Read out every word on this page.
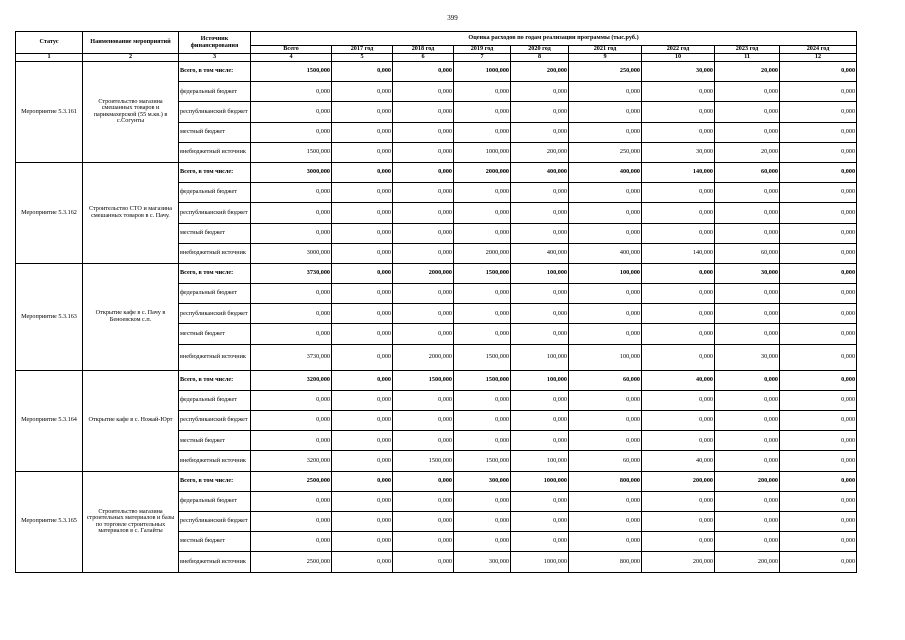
399
Статус	Наименование мероприятий	Источник финансирования	Оценка расходов по годам реализации программы (тыс.руб.)								
			Всего	2017 год	2018 год	2019 год	2020 год	2021 год	2022 год	2023 год	2024 год
1	2	3	4	5	6	7	8	9	10	11	12
Мероприятие 5.3.161	Строительство магазина смешанных товаров и парикмахерской (55 м.кв.) в с.Согунты	Всего, в том числе:	1500,000	0,000	0,000	1000,000	200,000	250,000	30,000	20,000	0,000
		федеральный бюджет	0,000	0,000	0,000	0,000	0,000	0,000	0,000	0,000	0,000
		республиканский бюджет	0,000	0,000	0,000	0,000	0,000	0,000	0,000	0,000	0,000
		местный бюджет	0,000	0,000	0,000	0,000	0,000	0,000	0,000	0,000	0,000
		внебюджетный источник	1500,000	0,000	0,000	1000,000	200,000	250,000	30,000	20,000	0,000
Мероприятие 5.3.162	Строительство СТО и магазина смешанных товаров в с. Пачу.	Всего, в том числе:	3000,000	0,000	0,000	2000,000	400,000	400,000	140,000	60,000	0,000
		федеральный бюджет	0,000	0,000	0,000	0,000	0,000	0,000	0,000	0,000	0,000
		республиканский бюджет	0,000	0,000	0,000	0,000	0,000	0,000	0,000	0,000	0,000
		местный бюджет	0,000	0,000	0,000	0,000	0,000	0,000	0,000	0,000	0,000
		внебюджетный источник	3000,000	0,000	0,000	2000,000	400,000	400,000	140,000	60,000	0,000
Мероприятие 5.3.163	Открытие кафе в с. Пачу в Беноевском с.п.	Всего, в том числе:	3730,000	0,000	2000,000	1500,000	100,000	100,000	0,000	30,000	0,000
		федеральный бюджет	0,000	0,000	0,000	0,000	0,000	0,000	0,000	0,000	0,000
		республиканский бюджет	0,000	0,000	0,000	0,000	0,000	0,000	0,000	0,000	0,000
		местный бюджет	0,000	0,000	0,000	0,000	0,000	0,000	0,000	0,000	0,000
		внебюджетный источник	3730,000	0,000	2000,000	1500,000	100,000	100,000	0,000	30,000	0,000
Мероприятие 5.3.164	Открытие кафе в с. Ножай-Юрт	Всего, в том числе:	3200,000	0,000	1500,000	1500,000	100,000	60,000	40,000	0,000	0,000
		федеральный бюджет	0,000	0,000	0,000	0,000	0,000	0,000	0,000	0,000	0,000
		республиканский бюджет	0,000	0,000	0,000	0,000	0,000	0,000	0,000	0,000	0,000
		местный бюджет	0,000	0,000	0,000	0,000	0,000	0,000	0,000	0,000	0,000
		внебюджетный источник	3200,000	0,000	1500,000	1500,000	100,000	60,000	40,000	0,000	0,000
Мероприятие 5.3.165	Строительство магазина строительных материалов и базы по торговле строительных материалов в с. Галайты	Всего, в том числе:	2500,000	0,000	0,000	300,000	1000,000	800,000	200,000	200,000	0,000
		федеральный бюджет	0,000	0,000	0,000	0,000	0,000	0,000	0,000	0,000	0,000
		республиканский бюджет	0,000	0,000	0,000	0,000	0,000	0,000	0,000	0,000	0,000
		местный бюджет	0,000	0,000	0,000	0,000	0,000	0,000	0,000	0,000	0,000
		внебюджетный источник	2500,000	0,000	0,000	300,000	1000,000	800,000	200,000	200,000	0,000
